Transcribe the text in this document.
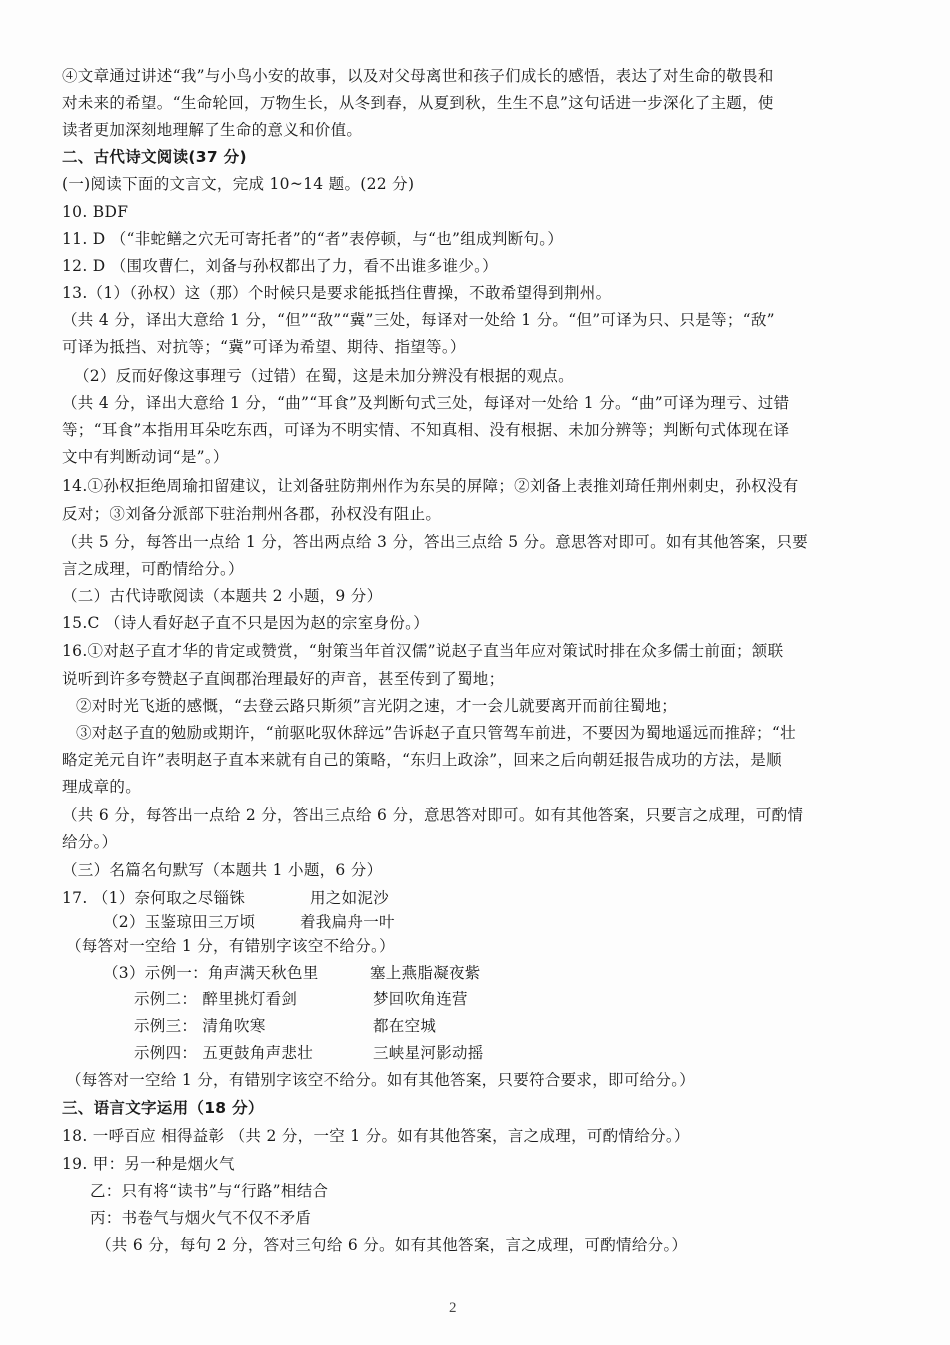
④文章通过讲述“我”与小鸟小安的故事，以及对父母离世和孩子们成长的感悟，表达了对生命的敬畏和
对未来的希望。“生命轮回，万物生长，从冬到春，从夏到秋，生生不息”这句话进一步深化了主题，使
读者更加深刻地理解了生命的意义和价值。
二、古代诗文阅读(37 分)
(一)阅读下面的文言文，完成 10~14 题。(22 分)
10. BDF
11. D （“非蛇鳝之穴无可寄托者”的“者”表停顿，与“也”组成判断句。）
12. D （围攻曹仁，刘备与孙权都出了力，看不出谁多谁少。）
13.（1）（孙权）这（那）个时候只是要求能抵挡住曹操，不敢希望得到荆州。
（共 4 分，译出大意给 1 分，“但”“敌”“冀”三处，每译对一处给 1 分。“但”可译为只、只是等；“敌”
可译为抵挡、对抗等；“冀”可译为希望、期待、指望等。）
（2）反而好像这事理亏（过错）在蜀，这是未加分辨没有根据的观点。
（共 4 分，译出大意给 1 分，“曲”“耳食”及判断句式三处，每译对一处给 1 分。“曲”可译为理亏、过错
等；“耳食”本指用耳朵吃东西，可译为不明实情、不知真相、没有根据、未加分辨等；判断句式体现在译
文中有判断动词“是”。）
14.①孙权拒绝周瑜扣留建议，让刘备驻防荆州作为东吴的屏障；②刘备上表推刘琦任荆州刺史，孙权没有
反对；③刘备分派部下驻治荆州各郡，孙权没有阻止。
（共 5 分，每答出一点给 1 分，答出两点给 3 分，答出三点给 5 分。意思答对即可。如有其他答案，只要
言之成理，可酌情给分。）
（二）古代诗歌阅读（本题共 2 小题，9 分）
15.C （诗人看好赵子直不只是因为赵的宗室身份。）
16.①对赵子直才华的肯定或赞赏，“射策当年首汉儒”说赵子直当年应对策试时排在众多儒士前面；颔联
说听到许多夸赞赵子直闽郡治理最好的声音，甚至传到了蜀地；
②对时光飞逝的感慨，“去登云路只斯须”言光阴之速，才一会儿就要离开而前往蜀地；
③对赵子直的勉励或期许，“前驱叱驭休辞远”告诉赵子直只管驾车前进，不要因为蜀地遥远而推辞；“壮
略定羌元自许”表明赵子直本来就有自己的策略，“东归上政涂”，回来之后向朝廷报告成功的方法，是顺
理成章的。
（共 6 分，每答出一点给 2 分，答出三点给 6 分，意思答对即可。如有其他答案，只要言之成理，可酌情
给分。）
（三）名篇名句默写（本题共 1 小题，6 分）
17. （1）奈何取之尽锱铢	用之如泥沙
（2）玉鉴琼田三万顷	着我扁舟一叶
（每答对一空给 1 分，有错别字该空不给分。）
（3）示例一：角声满天秋色里	塞上燕脂凝夜紫
示例二： 醉里挑灯看剑	梦回吹角连营
示例三： 清角吹寒	都在空城
示例四： 五更鼓角声悲壮	三峡星河影动摇
（每答对一空给 1 分，有错别字该空不给分。如有其他答案，只要符合要求，即可给分。）
三、语言文字运用（18 分）
18. 一呼百应 相得益彰 （共 2 分，一空 1 分。如有其他答案，言之成理，可酌情给分。）
19. 甲：另一种是烟火气
乙：只有将“读书”与“行路”相结合
丙：书卷气与烟火气不仅不矛盾
（共 6 分，每句 2 分，答对三句给 6 分。如有其他答案，言之成理，可酌情给分。）
2
